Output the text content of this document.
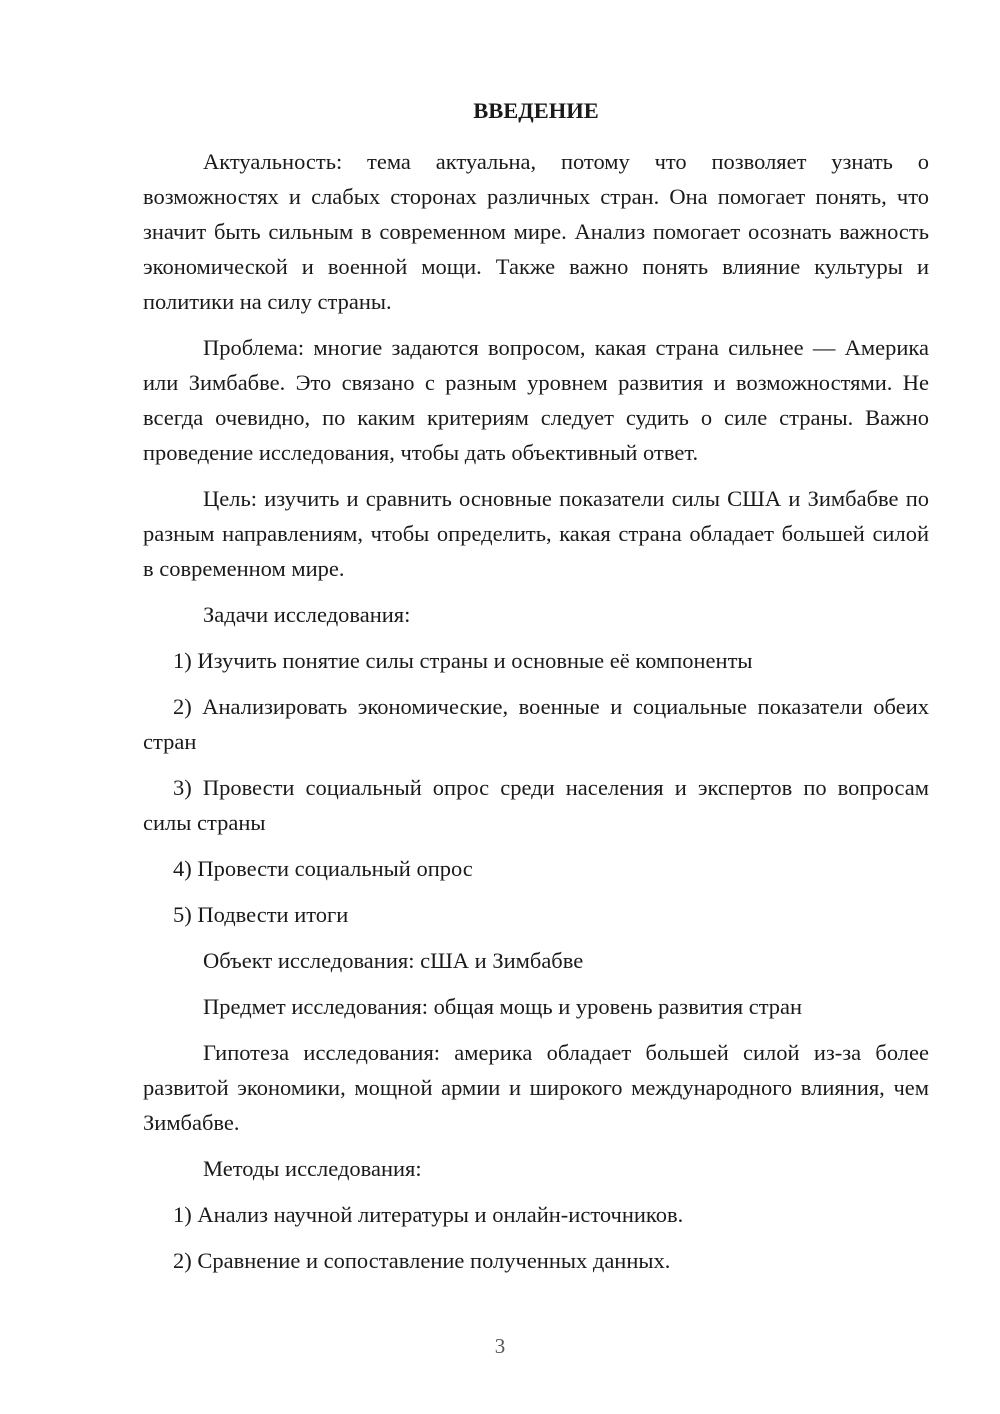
ВВЕДЕНИЕ

Актуальность: тема актуальна, потому что позволяет узнать о возможностях и слабых сторонах различных стран. Она помогает понять, что значит быть сильным в современном мире. Анализ помогает осознать важность экономической и военной мощи. Также важно понять влияние культуры и политики на силу страны.

Проблема: многие задаются вопросом, какая страна сильнее — Америка или Зимбабве. Это связано с разным уровнем развития и возможностями. Не всегда очевидно, по каким критериям следует судить о силе страны. Важно проведение исследования, чтобы дать объективный ответ.

Цель: изучить и сравнить основные показатели силы США и Зимбабве по разным направлениям, чтобы определить, какая страна обладает большей силой в современном мире.

Задачи исследования:

1) Изучить понятие силы страны и основные её компоненты

2) Анализировать экономические, военные и социальные показатели обеих стран

3) Провести социальный опрос среди населения и экспертов по вопросам силы страны

4) Провести социальный опрос

5) Подвести итоги

Объект исследования: сША и Зимбабве

Предмет исследования: общая мощь и уровень развития стран

Гипотеза исследования: америка обладает большей силой из-за более развитой экономики, мощной армии и широкого международного влияния, чем Зимбабве.

Методы исследования:

1) Анализ научной литературы и онлайн-источников.

2) Сравнение и сопоставление полученных данных.

3
